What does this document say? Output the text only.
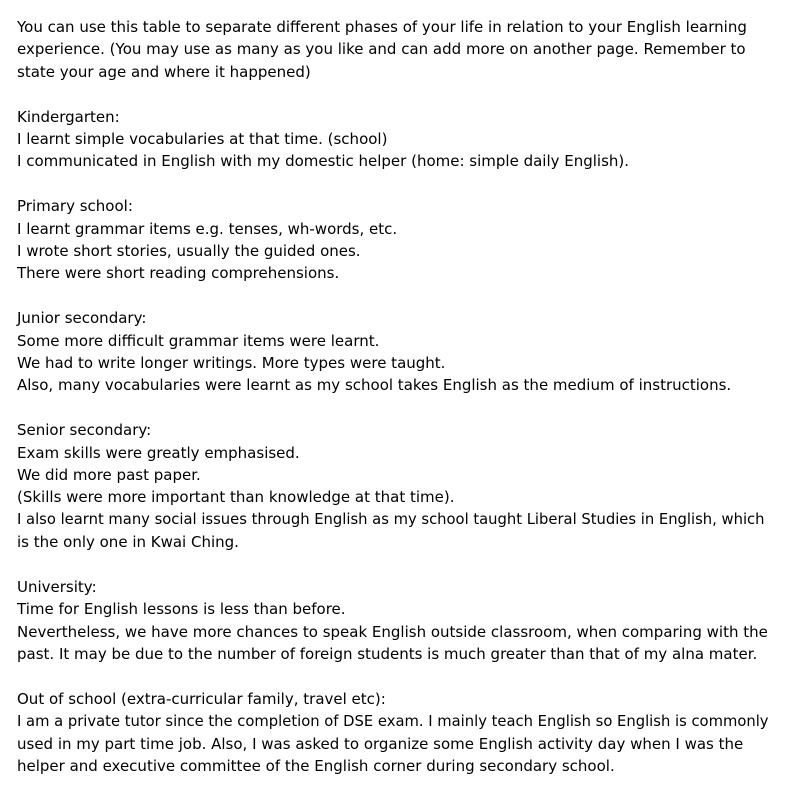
You can use this table to separate different phases of your life in relation to your English learning
experience. (You may use as many as you like and can add more on another page. Remember to
state your age and where it happened)
Kindergarten:
I learnt simple vocabularies at that time. (school)
I communicated in English with my domestic helper (home: simple daily English).
Primary school:
I learnt grammar items e.g. tenses, wh-words, etc.
I wrote short stories, usually the guided ones.
There were short reading comprehensions.
Junior secondary:
Some more difficult grammar items were learnt.
We had to write longer writings. More types were taught.
Also, many vocabularies were learnt as my school takes English as the medium of instructions.
Senior secondary:
Exam skills were greatly emphasised.
We did more past paper.
(Skills were more important than knowledge at that time).
I also learnt many social issues through English as my school taught Liberal Studies in English, which
is the only one in Kwai Ching.
University:
Time for English lessons is less than before.
Nevertheless, we have more chances to speak English outside classroom, when comparing with the
past. It may be due to the number of foreign students is much greater than that of my alna mater.
Out of school (extra-curricular family, travel etc):
I am a private tutor since the completion of DSE exam. I mainly teach English so English is commonly
used in my part time job. Also, I was asked to organize some English activity day when I was the
helper and executive committee of the English corner during secondary school.
